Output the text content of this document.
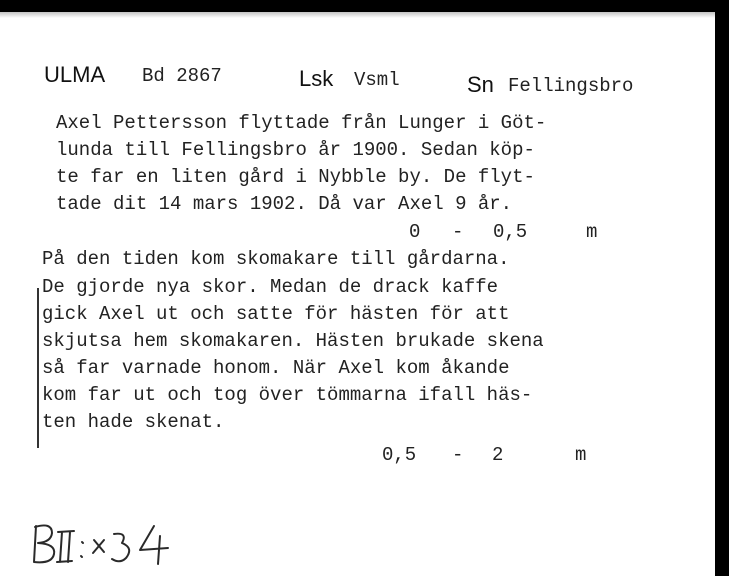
ULMA Bd 2867	Lsk Vsml	Sn Fellingsbro
Axel Pettersson flyttade från Lunger i Göt-
lunda till Fellingsbro år 1900. Sedan köp-
te far en liten gård i Nybble by. De flyt-
tade dit 14 mars 1902. Då var Axel 9 år.
0 - 0,5	m
På den tiden kom skomakare till gårdarna.
De gjorde nya skor. Medan de drack kaffe
gick Axel ut och satte för hästen för att
skjutsa hem skomakaren. Hästen brukade skena
så far varnade honom. När Axel kom åkande
kom far ut och tog över tömmarna ifall häs-
ten hade skenat.
0,5 - 2	m
